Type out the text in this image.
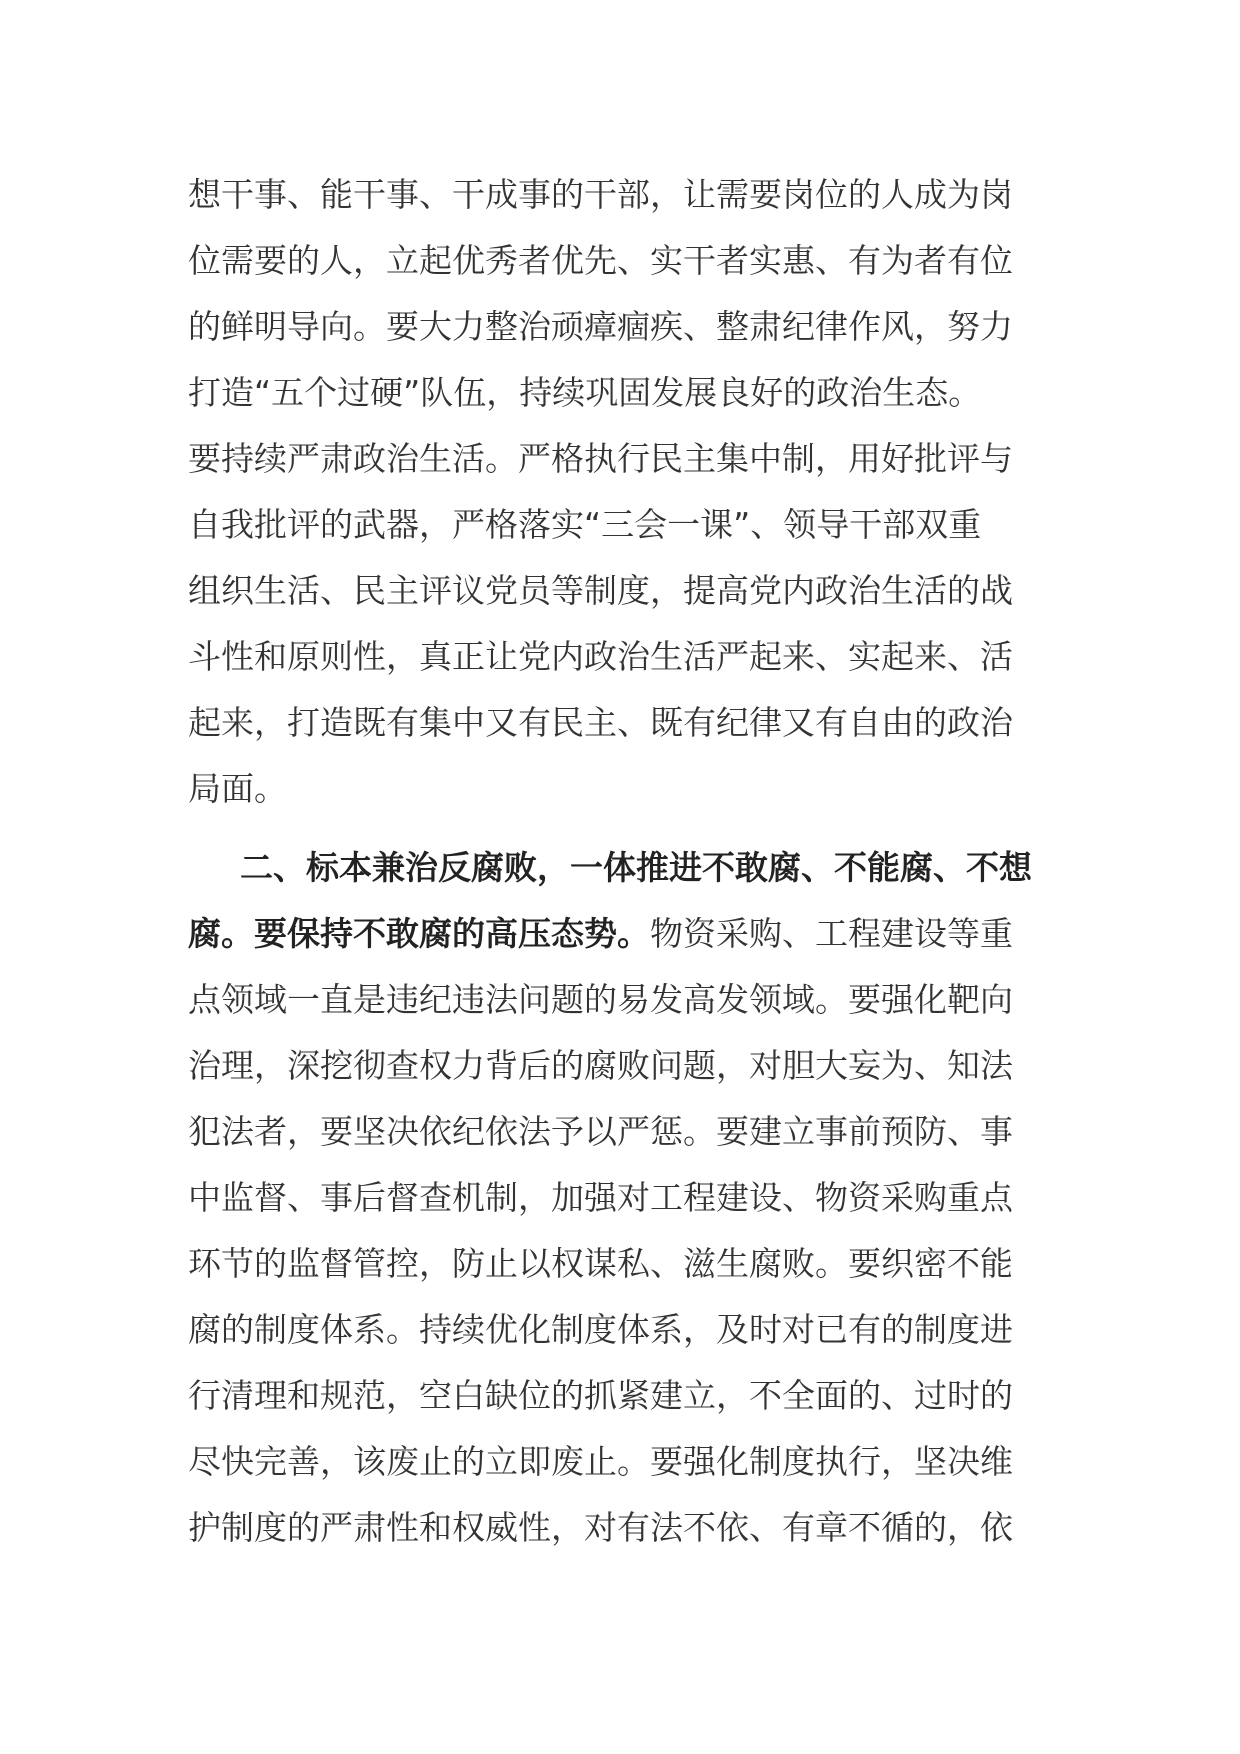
想干事、能干事、干成事的干部，让需要岗位的人成为岗
位需要的人，立起优秀者优先、实干者实惠、有为者有位
的鲜明导向。要大力整治顽瘴痼疾、整肃纪律作风，努力
打造“五个过硬”队伍，持续巩固发展良好的政治生态。
要持续严肃政治生活。严格执行民主集中制，用好批评与
自我批评的武器，严格落实“三会一课”、领导干部双重
组织生活、民主评议党员等制度，提高党内政治生活的战
斗性和原则性，真正让党内政治生活严起来、实起来、活
起来，打造既有集中又有民主、既有纪律又有自由的政治
局面。
二、标本兼治反腐败，一体推进不敢腐、不能腐、不想
腐。要保持不敢腐的高压态势。物资采购、工程建设等重
点领域一直是违纪违法问题的易发高发领域。要强化靶向
治理，深挖彻查权力背后的腐败问题，对胆大妄为、知法
犯法者，要坚决依纪依法予以严惩。要建立事前预防、事
中监督、事后督查机制，加强对工程建设、物资采购重点
环节的监督管控，防止以权谋私、滋生腐败。要织密不能
腐的制度体系。持续优化制度体系，及时对已有的制度进
行清理和规范，空白缺位的抓紧建立，不全面的、过时的
尽快完善，该废止的立即废止。要强化制度执行，坚决维
护制度的严肃性和权威性，对有法不依、有章不循的，依
